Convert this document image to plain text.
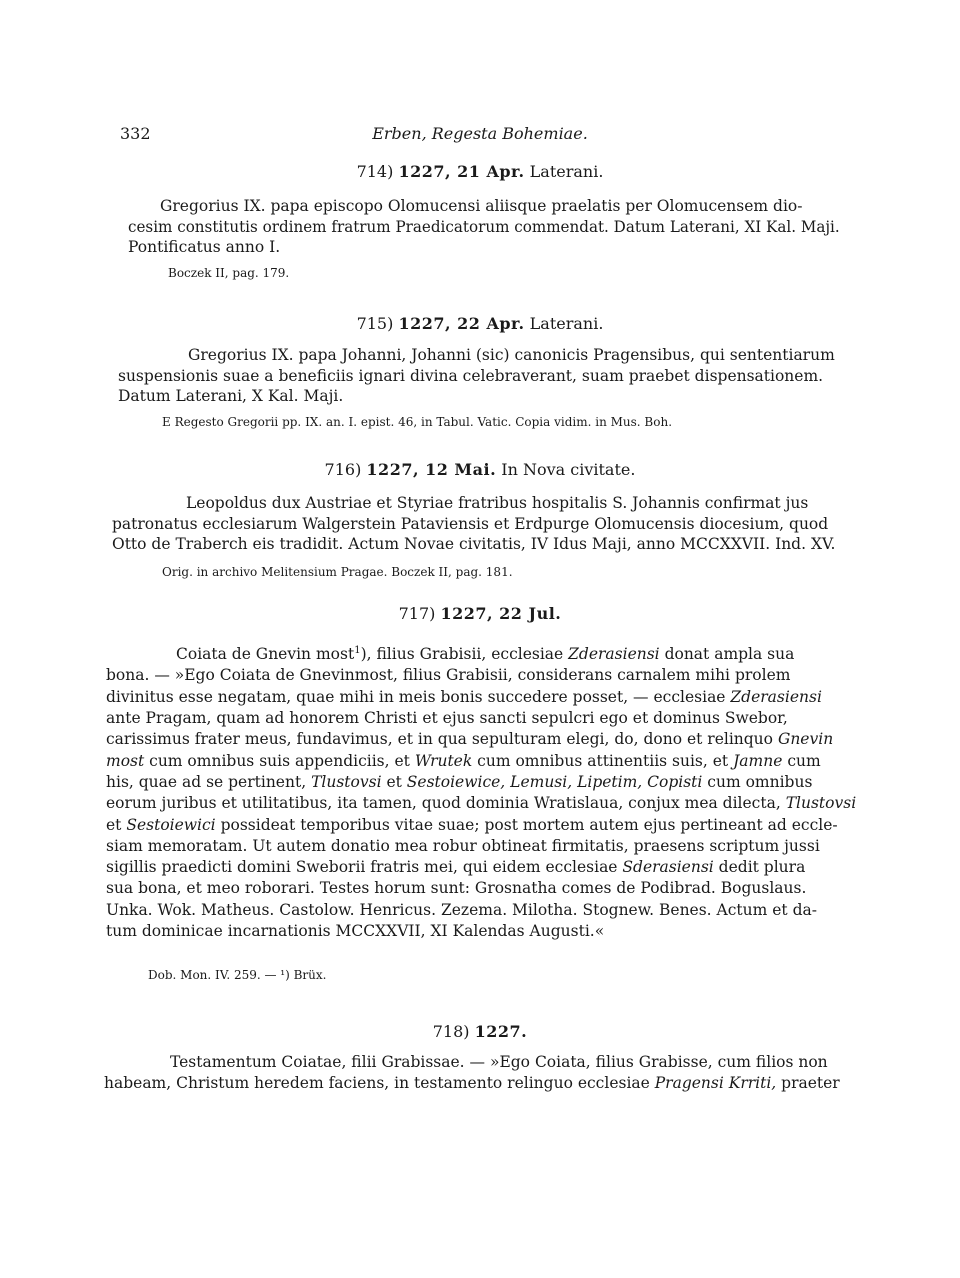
332	Erben, Regesta Bohemiae.
714) 1227, 21 Apr. Laterani.
Gregorius IX. papa episcopo Olomucensi aliisque praelatis per Olomucensem dio-
cesim constitutis ordinem fratrum Praedicatorum commendat. Datum Laterani, XI Kal. Maji.
Pontificatus anno I.
Boczek II, pag. 179.
715) 1227, 22 Apr. Laterani.
Gregorius IX. papa Johanni, Johanni (sic) canonicis Pragensibus, qui sententiarum
suspensionis suae a beneficiis ignari divina celebraverant, suam praebet dispensationem.
Datum Laterani, X Kal. Maji.
E Regesto Gregorii pp. IX. an. I. epist. 46, in Tabul. Vatic. Copia vidim. in Mus. Boh.
716) 1227, 12 Mai. In Nova civitate.
Leopoldus dux Austriae et Styriae fratribus hospitalis S. Johannis confirmat jus
patronatus ecclesiarum Walgerstein Pataviensis et Erdpurge Olomucensis diocesium, quod
Otto de Traberch eis tradidit. Actum Novae civitatis, IV Idus Maji, anno MCCXXVII. Ind. XV.
Orig. in archivo Melitensium Pragae. Boczek II, pag. 181.
717) 1227, 22 Jul.
Coiata de Gnevin most$^1$), filius Grabisii, ecclesiae Zderasiensi donat ampla sua
bona. — »Ego Coiata de Gnevinmost, filius Grabisii, considerans carnalem mihi prolem
divinitus esse negatam, quae mihi in meis bonis succedere posset, — ecclesiae Zderasiensi
ante Pragam, quam ad honorem Christi et ejus sancti sepulcri ego et dominus Swebor,
carissimus frater meus, fundavimus, et in qua sepulturam elegi, do, dono et relinquo Gnevin
most cum omnibus suis appendiciis, et Wrutek cum omnibus attinentiis suis, et Jamne cum
his, quae ad se pertinent, Tlustovsi et Sestoiewice, Lemusi, Lipetim, Copisti cum omnibus
eorum juribus et utilitatibus, ita tamen, quod dominia Wratislaua, conjux mea dilecta, Tlustovsi
et Sestoiewici possideat temporibus vitae suae; post mortem autem ejus pertineant ad eccle-
siam memoratam. Ut autem donatio mea robur obtineat firmitatis, praesens scriptum jussi
sigillis praedicti domini Sweborii fratris mei, qui eidem ecclesiae Sderasiensi dedit plura
sua bona, et meo roborari. Testes horum sunt: Grosnatha comes de Podibrad. Boguslaus.
Unka. Wok. Matheus. Castolow. Henricus. Zezema. Milotha. Stognew. Benes. Actum et da-
tum dominicae incarnationis MCCXXVII, XI Kalendas Augusti.«
Dob. Mon. IV. 259. — ¹) Brüx.
718) 1227.
Testamentum Coiatae, filii Grabissae. — »Ego Coiata, filius Grabisse, cum filios non
habeam, Christum heredem faciens, in testamento relinguo ecclesiae Pragensi Krriti, praeter
